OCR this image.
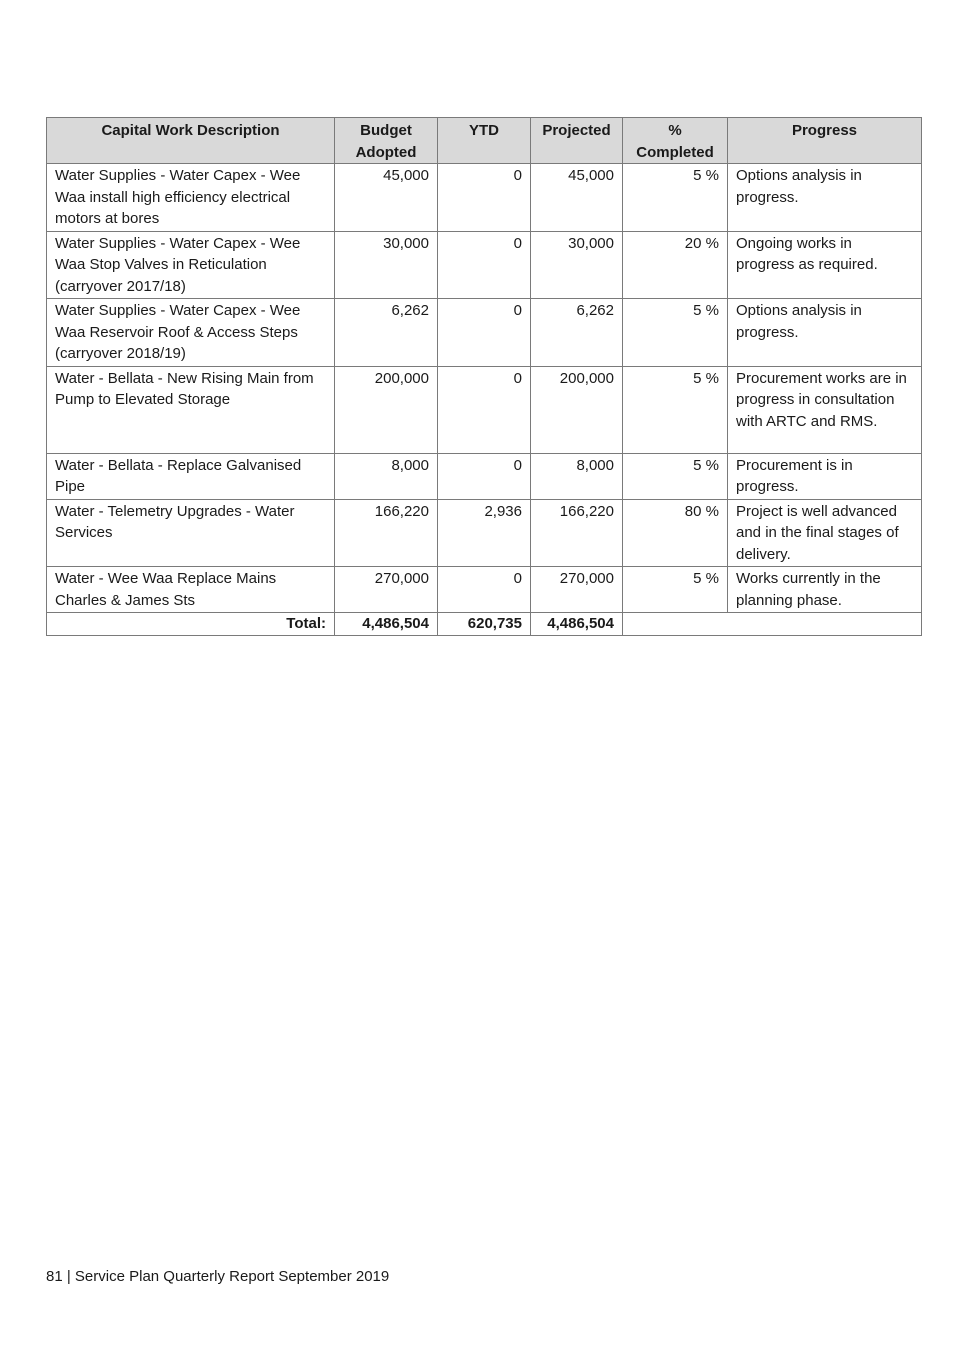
Capital Work Description	Budget Adopted	YTD	Projected	% Completed	Progress
Water Supplies - Water Capex - Wee Waa install high efficiency electrical motors at bores	45,000	0	45,000	5 %	Options analysis in progress.
Water Supplies - Water Capex - Wee Waa Stop Valves in Reticulation (carryover 2017/18)	30,000	0	30,000	20 %	Ongoing works in progress as required.
Water Supplies - Water Capex - Wee Waa Reservoir Roof & Access Steps (carryover 2018/19)	6,262	0	6,262	5 %	Options analysis in progress.
Water - Bellata - New Rising Main from Pump to Elevated Storage	200,000	0	200,000	5 %	Procurement works are in progress in consultation with ARTC and RMS.
Water - Bellata - Replace Galvanised Pipe	8,000	0	8,000	5 %	Procurement is in progress.
Water - Telemetry Upgrades - Water Services	166,220	2,936	166,220	80 %	Project is well advanced and in the final stages of delivery.
Water - Wee Waa Replace Mains Charles & James Sts	270,000	0	270,000	5 %	Works currently in the planning phase.
Total:	4,486,504	620,735	4,486,504		
81 | Service Plan Quarterly Report September 2019
